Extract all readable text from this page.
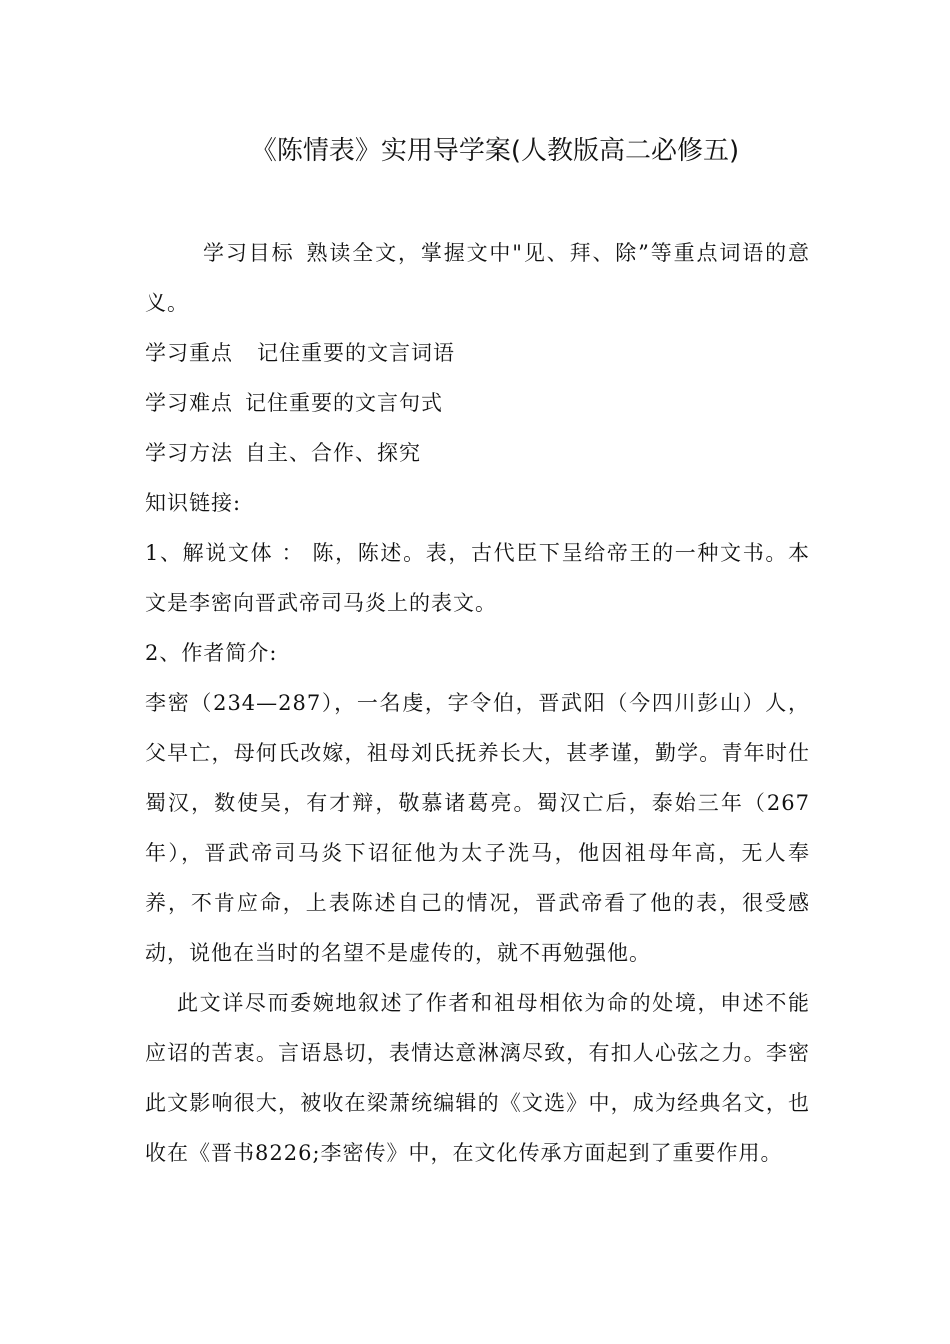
《陈情表》实用导学案(人教版高二必修五)

学习目标 熟读全文，掌握文中"见、拜、除”等重点词语的意义。

学习重点 记住重要的文言词语

学习难点 记住重要的文言句式

学习方法 自主、合作、探究

知识链接:

1、解说文体 ： 陈，陈述。表，古代臣下呈给帝王的一种文书。本文是李密向晋武帝司马炎上的表文。

2、作者简介:

李密（234—287），一名虔，字令伯，晋武阳（今四川彭山）人，父早亡，母何氏改嫁，祖母刘氏抚养长大，甚孝谨，勤学。青年时仕蜀汉，数使吴，有才辩，敬慕诸葛亮。蜀汉亡后，泰始三年（267年），晋武帝司马炎下诏征他为太子洗马，他因祖母年高，无人奉养，不肯应命，上表陈述自己的情况，晋武帝看了他的表，很受感动，说他在当时的名望不是虚传的，就不再勉强他。

此文详尽而委婉地叙述了作者和祖母相依为命的处境，申述不能应诏的苦衷。言语恳切，表情达意淋漓尽致，有扣人心弦之力。李密此文影响很大，被收在梁萧统编辑的《文选》中，成为经典名文，也收在《晋书8226;李密传》中，在文化传承方面起到了重要作用。
